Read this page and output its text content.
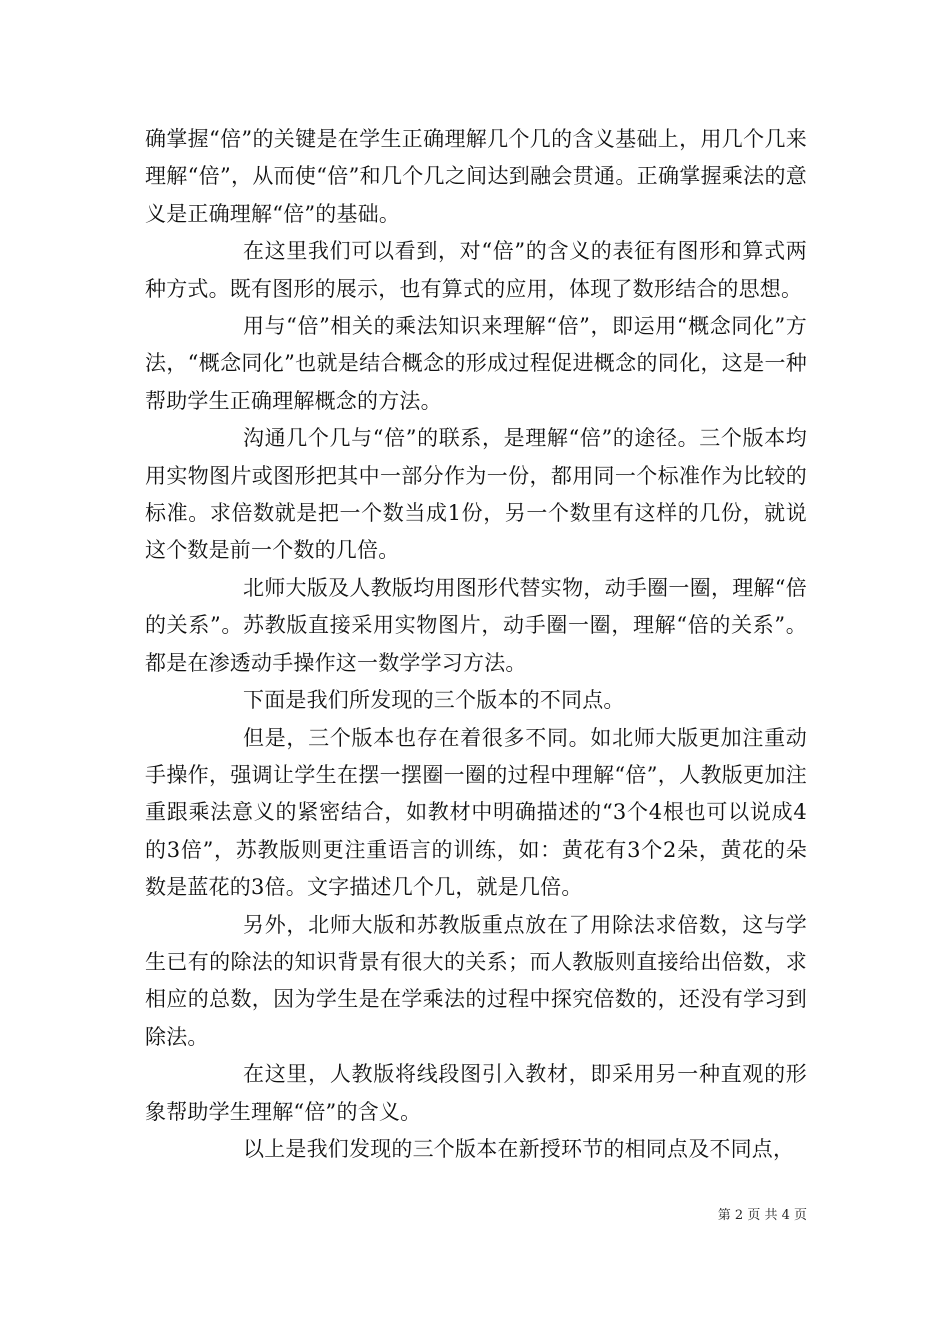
确掌握“倍”的关键是在学生正确理解几个几的含义基础上，用几个几来理解“倍”，从而使“倍”和几个几之间达到融会贯通。正确掌握乘法的意义是正确理解“倍”的基础。

在这里我们可以看到，对“倍”的含义的表征有图形和算式两种方式。既有图形的展示，也有算式的应用，体现了数形结合的思想。

用与“倍”相关的乘法知识来理解“倍”，即运用“概念同化”方法，“概念同化”也就是结合概念的形成过程促进概念的同化，这是一种帮助学生正确理解概念的方法。

沟通几个几与“倍”的联系，是理解“倍”的途径。三个版本均用实物图片或图形把其中一部分作为一份，都用同一个标准作为比较的标准。求倍数就是把一个数当成1份，另一个数里有这样的几份，就说这个数是前一个数的几倍。

北师大版及人教版均用图形代替实物，动手圈一圈，理解“倍的关系”。苏教版直接采用实物图片，动手圈一圈，理解“倍的关系”。都是在渗透动手操作这一数学学习方法。

下面是我们所发现的三个版本的不同点。

但是，三个版本也存在着很多不同。如北师大版更加注重动手操作，强调让学生在摆一摆圈一圈的过程中理解“倍”，人教版更加注重跟乘法意义的紧密结合，如教材中明确描述的“3个4根也可以说成4的3倍”，苏教版则更注重语言的训练，如：黄花有3个2朵，黄花的朵数是蓝花的3倍。文字描述几个几，就是几倍。

另外，北师大版和苏教版重点放在了用除法求倍数，这与学生已有的除法的知识背景有很大的关系；而人教版则直接给出倍数，求相应的总数，因为学生是在学乘法的过程中探究倍数的，还没有学习到除法。

在这里，人教版将线段图引入教材，即采用另一种直观的形象帮助学生理解“倍”的含义。

以上是我们发现的三个版本在新授环节的相同点及不同点，

第 2 页 共 4 页
